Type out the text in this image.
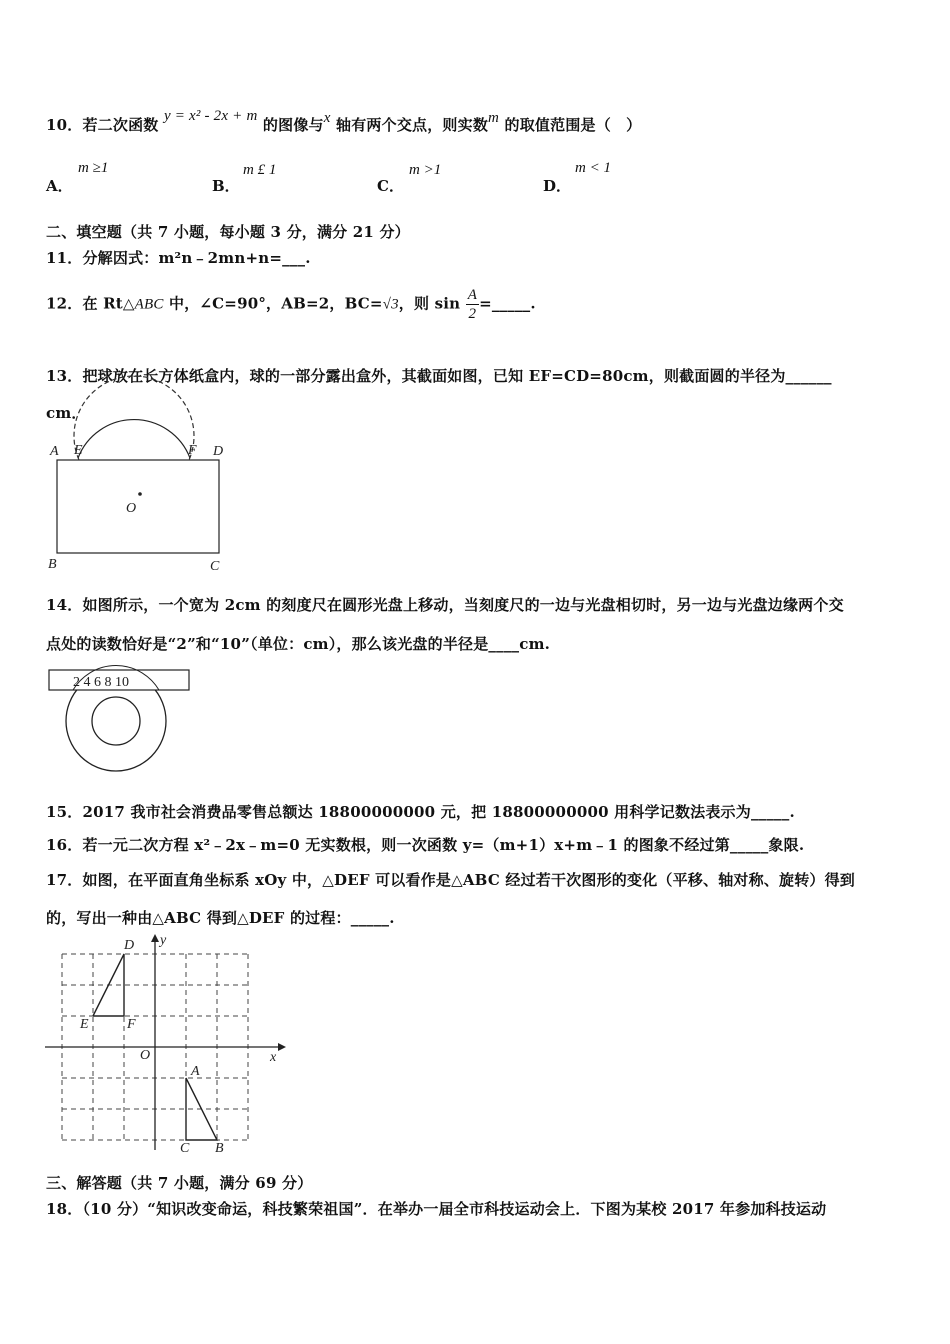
10．若二次函数 y = x² - 2x + m 的图像与x 轴有两个交点，则实数m 的取值范围是（　）
A．
m ≥1
B．
m £ 1
C．
m >1
D．
m < 1
二、填空题（共 7 小题，每小题 3 分，满分 21 分）
11．分解因式：m²n﹣2mn+n=___.
12．在 Rt△ABC 中，∠C=90°，AB=2，BC=√3，则 $\sin \frac{A}{2}$ =_____.
13．把球放在长方体纸盒内，球的一部分露出盒外，其截面如图，已知 EF=CD=80cm，则截面圆的半径为______
cm．
A E	F D
O
B	C
14．如图所示，一个宽为 2cm 的刻度尺在圆形光盘上移动，当刻度尺的一边与光盘相切时，另一边与光盘边缘两个交
点处的读数恰好是“2”和“10”（单位：cm），那么该光盘的半径是____cm.
2 4 6 8 10
15．2017 我市社会消费品零售总额达 18800000000 元，把 18800000000 用科学记数法表示为_____.
16．若一元二次方程 x²﹣2x﹣m=0 无实数根，则一次函数 y=（m+1）x+m﹣1 的图象不经过第_____象限.
17．如图，在平面直角坐标系 xOy 中，△DEF 可以看作是△ABC 经过若干次图形的变化（平移、轴对称、旋转）得到
的，写出一种由△ABC 得到△DEF 的过程：_____.
D
E	F
O
A
B
C
x
y
三、解答题（共 7 小题，满分 69 分）
18．（10 分）“知识改变命运，科技繁荣祖国”．在举办一届全市科技运动会上．下图为某校 2017 年参加科技运动
